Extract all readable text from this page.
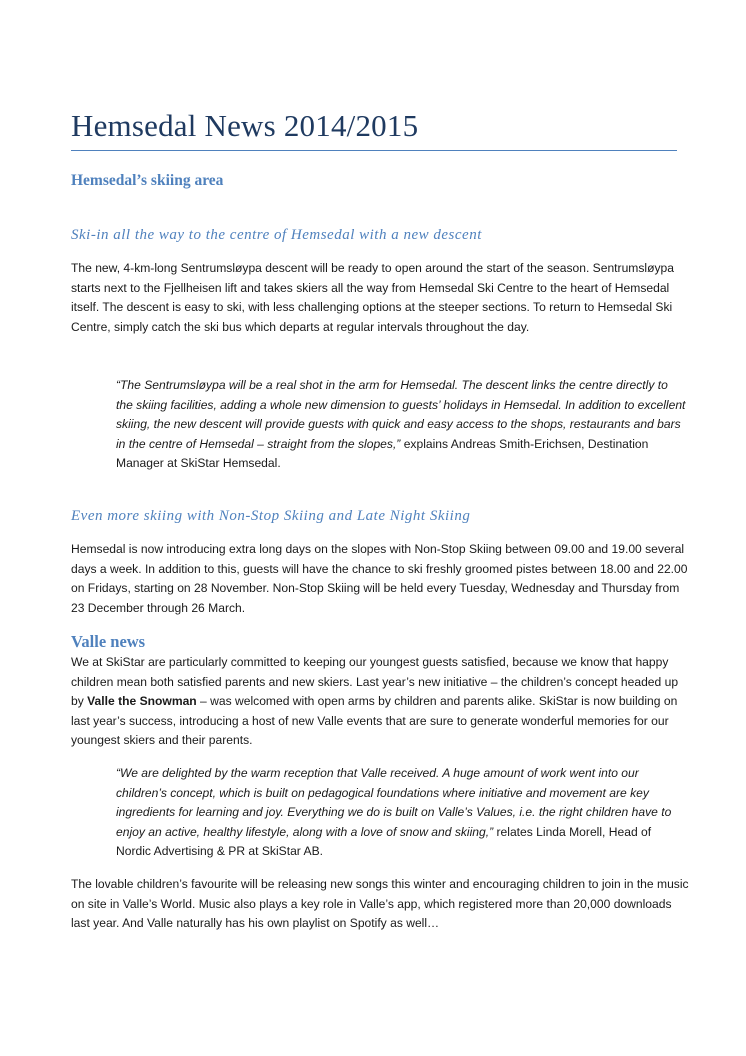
Hemsedal News 2014/2015
Hemsedal’s skiing area
Ski-in all the way to the centre of Hemsedal with a new descent
The new, 4-km-long Sentrumsløypa descent will be ready to open around the start of the season. Sentrumsløypa starts next to the Fjellheisen lift and takes skiers all the way from Hemsedal Ski Centre to the heart of Hemsedal itself. The descent is easy to ski, with less challenging options at the steeper sections. To return to Hemsedal Ski Centre, simply catch the ski bus which departs at regular intervals throughout the day.
“The Sentrumsløypa will be a real shot in the arm for Hemsedal. The descent links the centre directly to the skiing facilities, adding a whole new dimension to guests’ holidays in Hemsedal. In addition to excellent skiing, the new descent will provide guests with quick and easy access to the shops, restaurants and bars in the centre of Hemsedal – straight from the slopes,” explains Andreas Smith-Erichsen, Destination Manager at SkiStar Hemsedal.
Even more skiing with Non-Stop Skiing and Late Night Skiing
Hemsedal is now introducing extra long days on the slopes with Non-Stop Skiing between 09.00 and 19.00 several days a week. In addition to this, guests will have the chance to ski freshly groomed pistes between 18.00 and 22.00 on Fridays, starting on 28 November. Non-Stop Skiing will be held every Tuesday, Wednesday and Thursday from 23 December through 26 March.
Valle news
We at SkiStar are particularly committed to keeping our youngest guests satisfied, because we know that happy children mean both satisfied parents and new skiers. Last year’s new initiative – the children’s concept headed up by Valle the Snowman – was welcomed with open arms by children and parents alike. SkiStar is now building on last year’s success, introducing a host of new Valle events that are sure to generate wonderful memories for our youngest skiers and their parents.
“We are delighted by the warm reception that Valle received. A huge amount of work went into our children’s concept, which is built on pedagogical foundations where initiative and movement are key ingredients for learning and joy. Everything we do is built on Valle’s Values, i.e. the right children have to enjoy an active, healthy lifestyle, along with a love of snow and skiing,” relates Linda Morell, Head of Nordic Advertising & PR at SkiStar AB.
The lovable children’s favourite will be releasing new songs this winter and encouraging children to join in the music on site in Valle’s World. Music also plays a key role in Valle’s app, which registered more than 20,000 downloads last year. And Valle naturally has his own playlist on Spotify as well…
